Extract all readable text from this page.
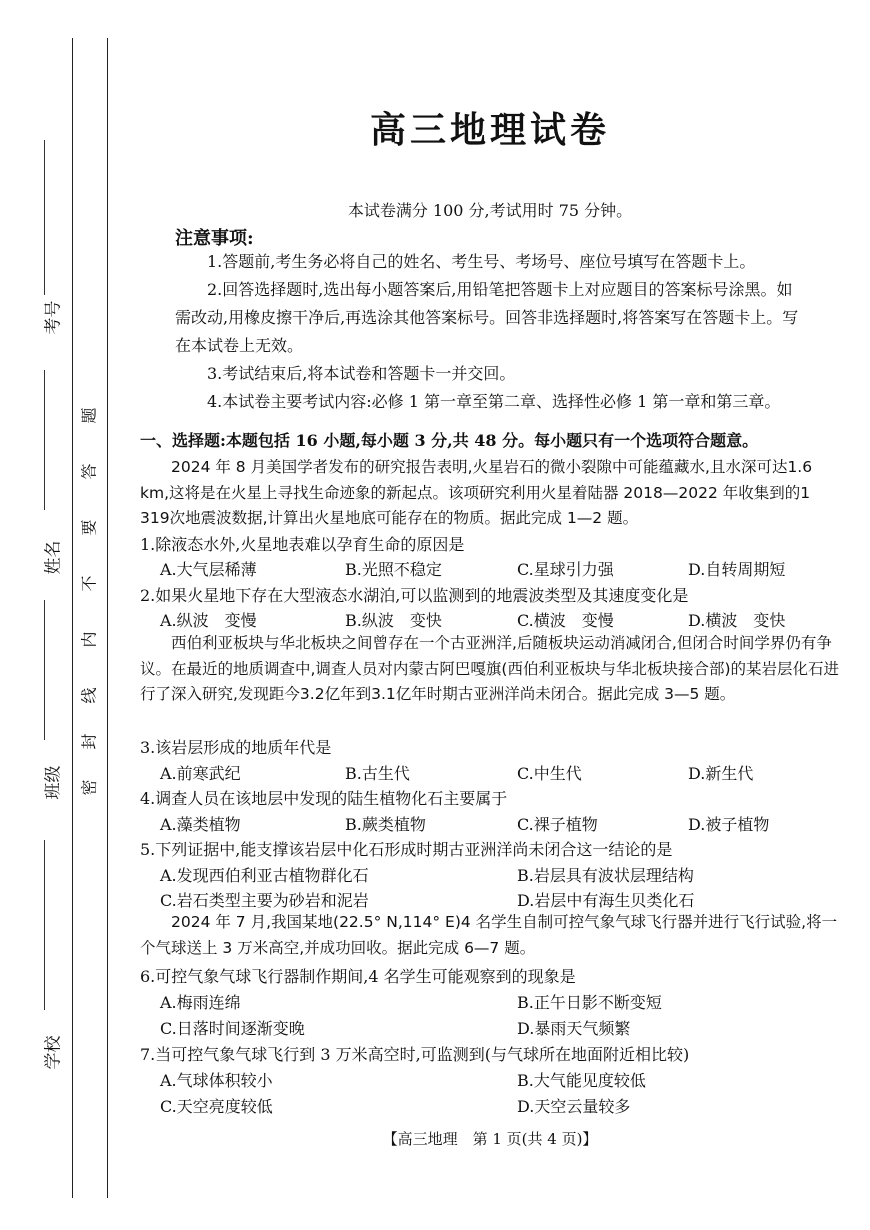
考号
姓名
班级
学校
题
答
要
不
内
线
封
密
高三地理试卷
本试卷满分 100 分,考试用时 75 分钟。
注意事项:

1.答题前,考生务必将自己的姓名、考生号、考场号、座位号填写在答题卡上。

2.回答选择题时,选出每小题答案后,用铅笔把答题卡上对应题目的答案标号涂黑。如需改动,用橡皮擦干净后,再选涂其他答案标号。回答非选择题时,将答案写在答题卡上。写在本试卷上无效。

3.考试结束后,将本试卷和答题卡一并交回。

4.本试卷主要考试内容:必修 1 第一章至第二章、选择性必修 1 第一章和第三章。

一、选择题:本题包括 16 小题,每小题 3 分,共 48 分。每小题只有一个选项符合题意。

2024 年 8 月美国学者发布的研究报告表明,火星岩石的微小裂隙中可能蕴藏水,且水深可达1.6 km,这将是在火星上寻找生命迹象的新起点。该项研究利用火星着陆器 2018—2022 年收集到的1 319次地震波数据,计算出火星地底可能存在的物质。据此完成 1—2 题。

1.除液态水外,火星地表难以孕育生命的原因是
A.大气层稀薄	B.光照不稳定	C.星球引力强	D.自转周期短
2.如果火星地下存在大型液态水湖泊,可以监测到的地震波类型及其速度变化是
A.纵波　变慢	B.纵波　变快	C.横波　变慢	D.横波　变快

西伯利亚板块与华北板块之间曾存在一个古亚洲洋,后随板块运动消减闭合,但闭合时间学界仍有争议。在最近的地质调查中,调查人员对内蒙古阿巴嘎旗(西伯利亚板块与华北板块接合部)的某岩层化石进行了深入研究,发现距今3.2亿年到3.1亿年时期古亚洲洋尚未闭合。据此完成 3—5 题。

3.该岩层形成的地质年代是
A.前寒武纪	B.古生代	C.中生代	D.新生代
4.调查人员在该地层中发现的陆生植物化石主要属于
A.藻类植物	B.蕨类植物	C.裸子植物	D.被子植物
5.下列证据中,能支撑该岩层中化石形成时期古亚洲洋尚未闭合这一结论的是
A.发现西伯利亚古植物群化石	B.岩层具有波状层理结构
C.岩石类型主要为砂岩和泥岩	D.岩层中有海生贝类化石

2024 年 7 月,我国某地(22.5° N,114° E)4 名学生自制可控气象气球飞行器并进行飞行试验,将一个气球送上 3 万米高空,并成功回收。据此完成 6—7 题。

6.可控气象气球飞行器制作期间,4 名学生可能观察到的现象是
A.梅雨连绵	B.正午日影不断变短
C.日落时间逐渐变晚	D.暴雨天气频繁
7.当可控气象气球飞行到 3 万米高空时,可监测到(与气球所在地面附近相比较)
A.气球体积较小	B.大气能见度较低
C.天空亮度较低	D.天空云量较多
【高三地理　第 1 页(共 4 页)】
